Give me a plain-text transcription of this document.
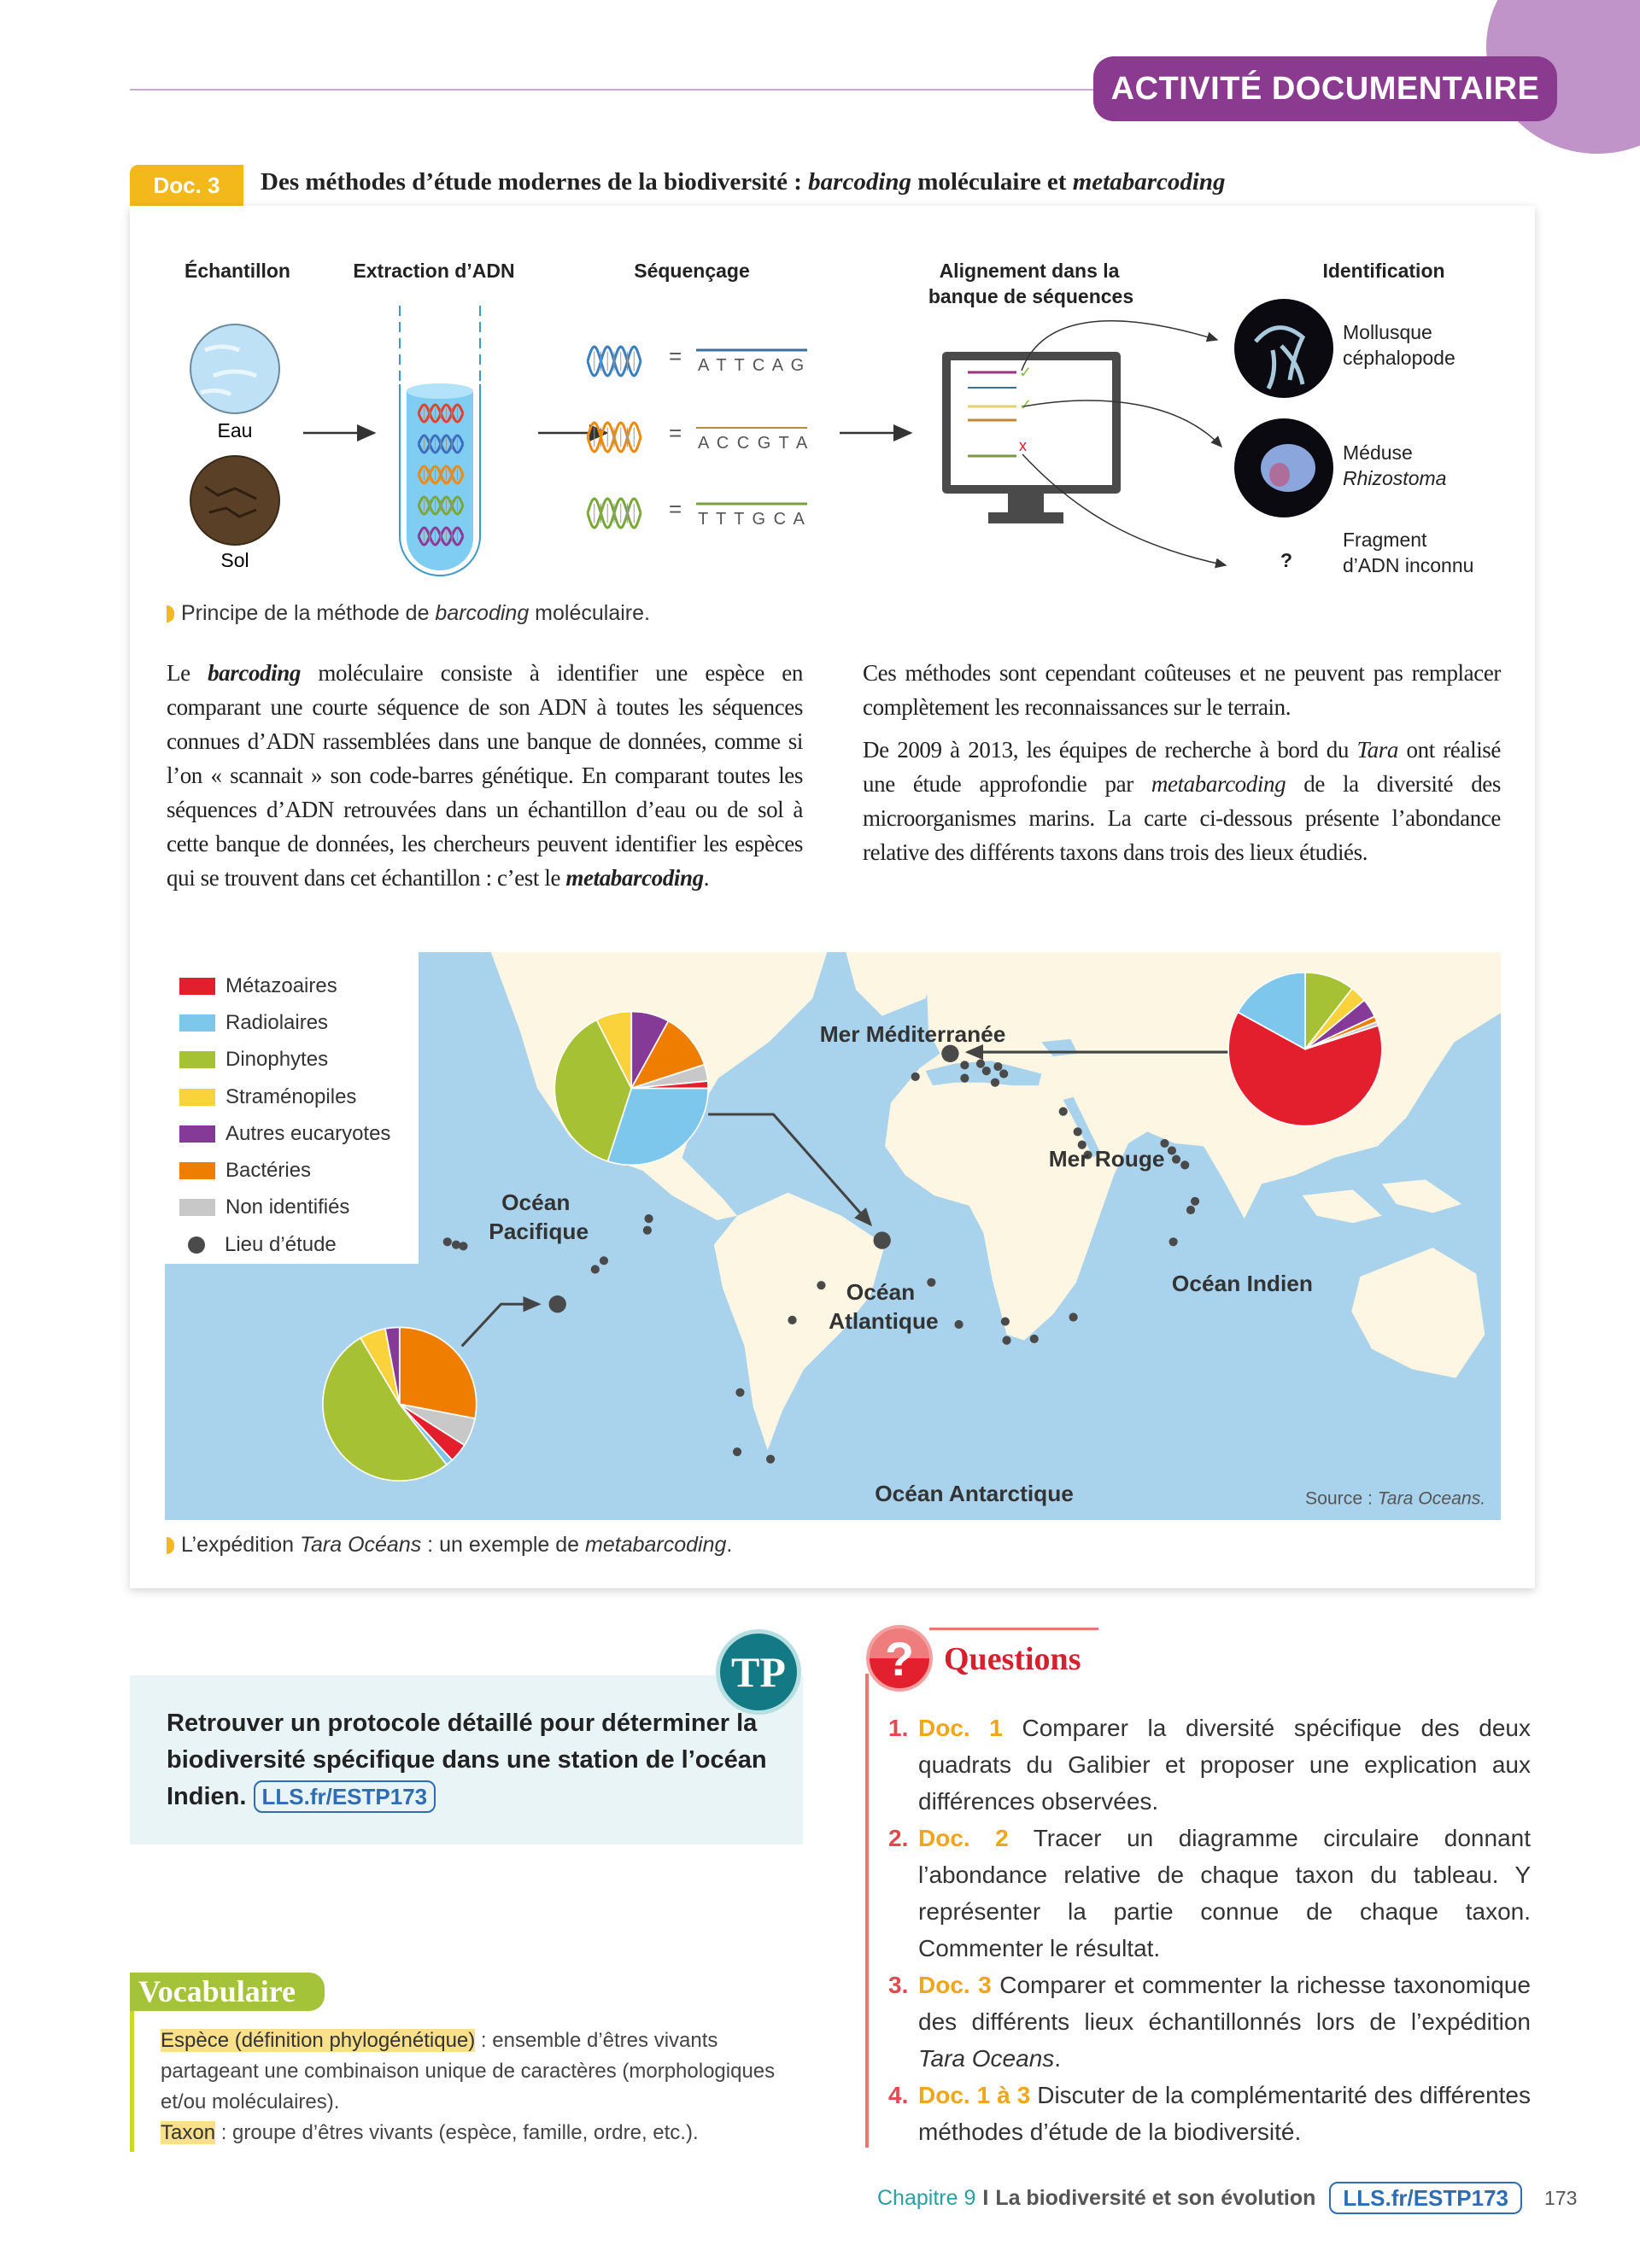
ACTIVITÉ DOCUMENTAIRE
Doc. 3	Des méthodes d’étude modernes de la biodiversité : barcoding moléculaire et metabarcoding
Échantillon	Extraction d’ADN	Séquençage	Alignement dans la
banque de séquences
Identification
Eau
Sol
=
=
=
A T T C A G
A C C G T A
T T T G C A
✓
✓
x
Mollusque
céphalopode
Méduse
Rhizostoma
Fragment
d’ADN inconnu
?
Principe de la méthode de barcoding moléculaire.
Le barcoding moléculaire consiste à identifier une espèce en comparant une courte séquence de son ADN à toutes les séquences connues d’ADN rassemblées dans une banque de données, comme si l’on « scannait » son code-barres génétique. En comparant toutes les séquences d’ADN retrouvées dans un échantillon d’eau ou de sol à cette banque de données, les chercheurs peuvent identifier les espèces qui se trouvent dans cet échantillon : c’est le metabarcoding.

Ces méthodes sont cependant coûteuses et ne peuvent pas remplacer complètement les reconnaissances sur le terrain.

De 2009 à 2013, les équipes de recherche à bord du Tara ont réalisé une étude approfondie par metabarcoding de la diversité des microorganismes marins. La carte ci-dessous présente l’abondance relative des différents taxons dans trois des lieux étudiés.

Mer Méditerranée
Mer Rouge
Océan
Pacifique
Océan
Atlantique
Océan Indien
Océan Antarctique	Source : Tara Oceans.
Métazoaires
Radiolaires
Dinophytes
Straménopiles
Autres eucaryotes
Bactéries
Non identifiés
Lieu d’étude
L’expédition Tara Océans : un exemple de metabarcoding.
Retrouver un protocole détaillé pour déterminer la biodiversité spécifique dans une station de l’océan Indien. LLS.fr/ESTP173
TP
Vocabulaire

Espèce (définition phylogénétique) : ensemble d’êtres vivants partageant une combinaison unique de caractères (morphologiques et/ou moléculaires).

Taxon : groupe d’êtres vivants (espèce, famille, ordre, etc.).

? Questions
1. Doc. 1 Comparer la diversité spécifique des deux quadrats du Galibier et proposer une explication aux différences observées.
2. Doc. 2 Tracer un diagramme circulaire donnant l’abondance relative de chaque taxon du tableau. Y représenter la partie connue de chaque taxon. Commenter le résultat.
3. Doc. 3 Comparer et commenter la richesse taxonomique des différents lieux échantillonnés lors de l’expédition Tara Oceans.
4. Doc. 1 à 3 Discuter de la complémentarité des différentes méthodes d’étude de la biodiversité.
Chapitre 9 I La biodiversité et son évolution	LLS.fr/ESTP173	173
